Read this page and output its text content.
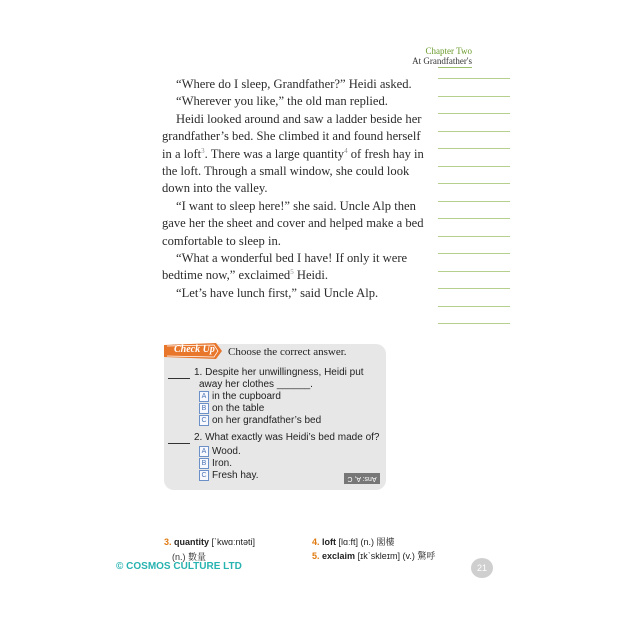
Chapter Two
At Grandfather's

“Where do I sleep, Grandfather?” Heidi asked.

“Wherever you like,” the old man replied.

Heidi looked around and saw a ladder beside her grandfather’s bed. She climbed it and found herself in a loft$^3$. There was a large quantity$^4$ of fresh hay in the loft. Through a small window, she could look down into the valley.

“I want to sleep here!” she said. Uncle Alp then gave her the sheet and cover and helped make a bed comfortable to sleep in.

“What a wonderful bed I have! If only it were bedtime now,” exclaimed$^5$ Heidi.

“Let’s have lunch first,” said Uncle Alp.

Check Up Choose the correct answer.
1. Despite her unwillingness, Heidi put
away her clothes ______.
A in the cupboard
B on the table
C on her grandfather’s bed
2. What exactly was Heidi’s bed made of?
A Wood.
B Iron.
C Fresh hay.	Ans: A, C
3. quantity [ˋkwɑːntəti]
(n.) 數量
4. loft [lɑːft] (n.) 閣樓
5. exclaim [ɪkˋskleɪm] (v.) 驚呼
© COSMOS CULTURE LTD	21
